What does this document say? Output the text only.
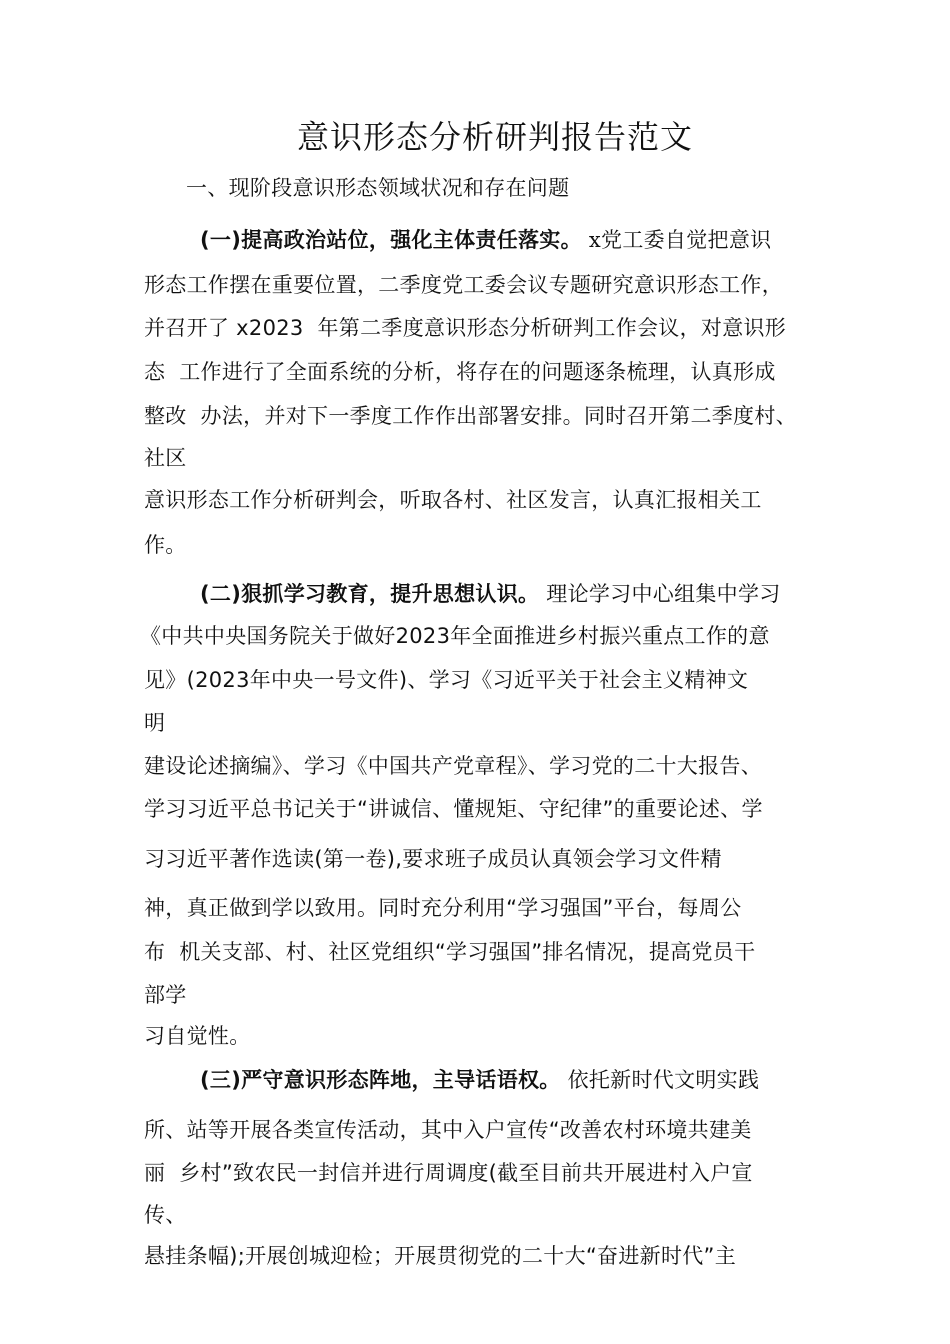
意识形态分析研判报告范文
一、现阶段意识形态领域状况和存在问题
(一)提高政治站位，强化主体责任落实。 x党工委自觉把意识
形态工作摆在重要位置，二季度党工委会议专题研究意识形态工作，
并召开了 x2023  年第二季度意识形态分析研判工作会议，对意识形
态  工作进行了全面系统的分析，将存在的问题逐条梳理，认真形成
整改  办法，并对下一季度工作作出部署安排。同时召开第二季度村、
社区
意识形态工作分析研判会，听取各村、社区发言，认真汇报相关工
作。
(二)狠抓学习教育，提升思想认识。 理论学习中心组集中学习
《中共中央国务院关于做好2023年全面推进乡村振兴重点工作的意
见》(2023年中央一号文件)、学习《习近平关于社会主义精神文
明
建设论述摘编》、学习《中国共产党章程》、学习党的二十大报告、
学习习近平总书记关于“讲诚信、懂规矩、守纪律”的重要论述、学
习习近平著作选读(第一卷),要求班子成员认真领会学习文件精
神，真正做到学以致用。同时充分利用“学习强国”平台，每周公
布  机关支部、村、社区党组织“学习强国”排名情况，提高党员干
部学
习自觉性。
(三)严守意识形态阵地，主导话语权。 依托新时代文明实践
所、站等开展各类宣传活动，其中入户宣传“改善农村环境共建美
丽  乡村”致农民一封信并进行周调度(截至目前共开展进村入户宣
传、
悬挂条幅);开展创城迎检；开展贯彻党的二十大“奋进新时代”主
